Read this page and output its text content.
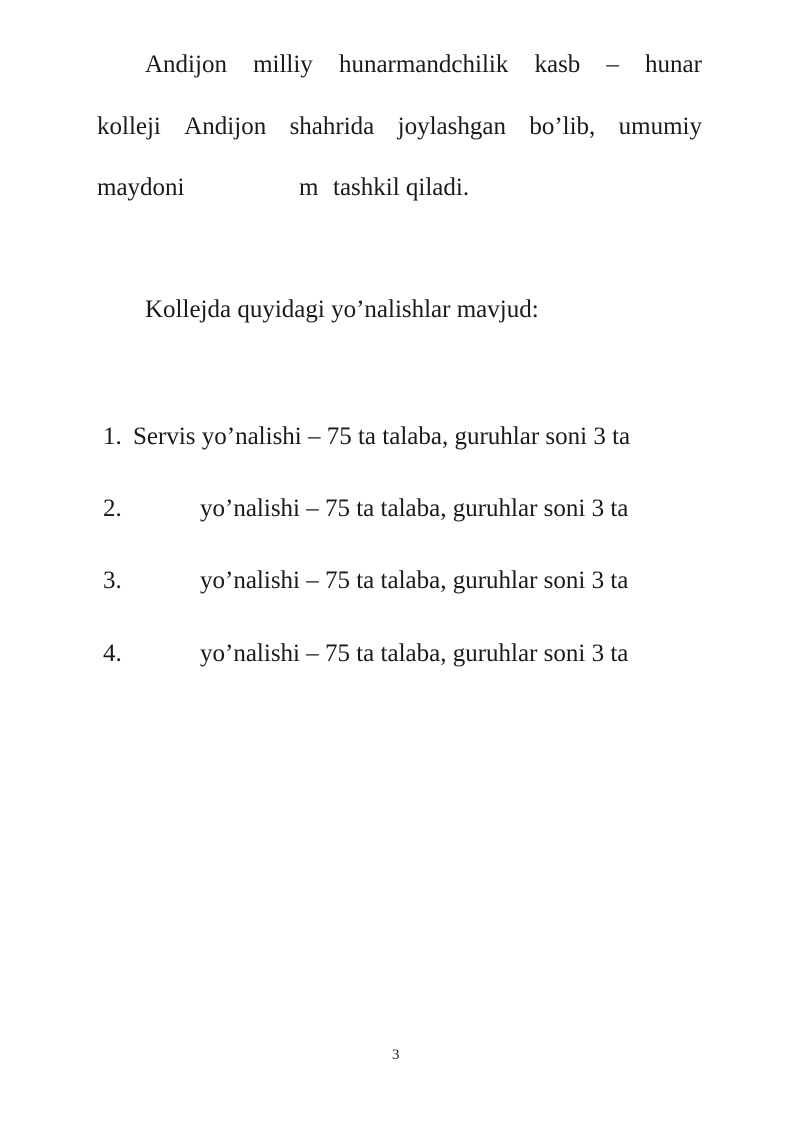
Andijon milliy hunarmandchilik kasb – hunar
kolleji Andijon shahrida joylashgan bo’lib, umumiy
maydoni	m tashkil qiladi.
Kollejda quyidagi yo’nalishlar mavjud:
1. Servis yo’nalishi – 75 ta talaba, guruhlar soni 3 ta
2.	yo’nalishi – 75 ta talaba, guruhlar soni 3 ta
3.	yo’nalishi – 75 ta talaba, guruhlar soni 3 ta
4.	yo’nalishi – 75 ta talaba, guruhlar soni 3 ta
3
